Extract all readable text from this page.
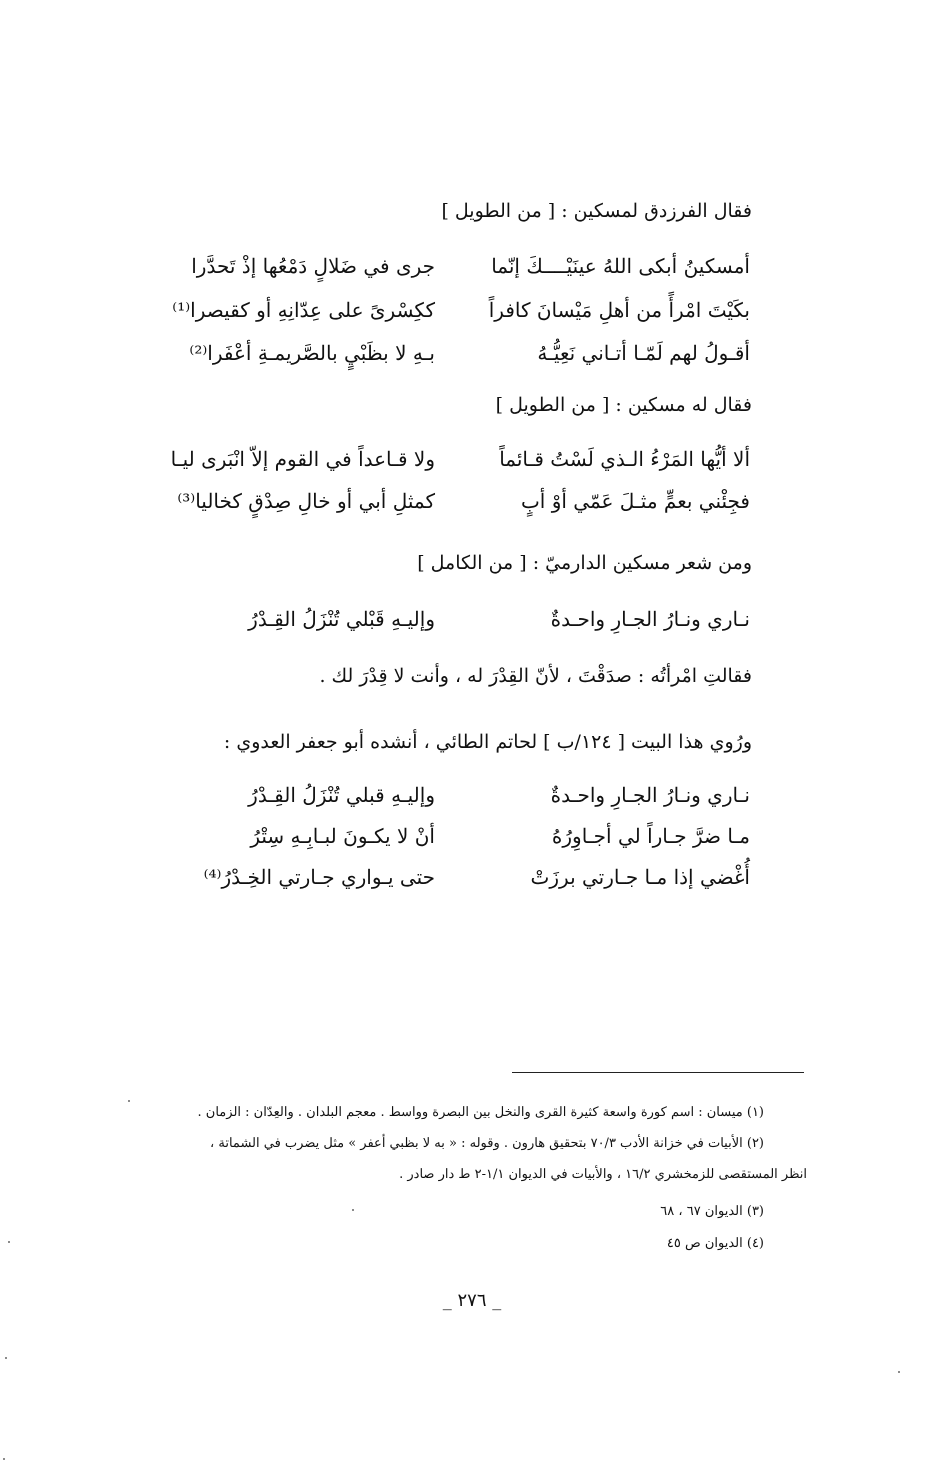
فقال الفرزدق لمسكين : [ من الطويل ]
أمسكينُ أبكى اللهُ عينَيْــــكَ إنّما
جرى في ضَلالٍ دَمْعُها إذْ تَحدَّرا
بكَيْتَ امْرأً من أهلِ مَيْسانَ كافراً
ككِسْرىً على عِدّانِهِ أو كقيصرا⁽¹⁾
أقـولُ لهم لَمّـا أتـاني نَعِيُّـهُ
بـهِ لا بظَبْيٍ بالصَّريمـةِ أعْفَرا⁽²⁾
فقال له مسكين : [ من الطويل ]
ألا أيُّها المَرْءُ الـذي لَسْتُ قـائماً
ولا قـاعداً في القوم إلاّ انْبَرى ليـا
فجِئْني بعمٍّ مثـلَ عَمّي أوْ أبٍ
كمثلِ أبي أو خالِ صِدْقٍ كخاليا⁽³⁾
ومن شعر مسكين الدارميّ : [ من الكامل ]
نـاري ونـارُ الجـارِ واحـدةٌ
وإليـهِ قَبْلي تُنْزَلُ القِـدْرُ
فقالتِ امْرأتُه : صدَقْتَ ، لأنّ القِدْرَ له ، وأنت لا قِدْرَ لك .
ورُوي هذا البيت [ ١٢٤/ب ] لحاتم الطائي ، أنشده أبو جعفر العدوي :
نـاري ونـارُ الجـارِ واحـدةٌ
وإليـهِ قبلي تُنْزَلُ القِـدْرُ
مـا ضرَّ جـاراً لي أجـاوِرُهُ
أنْ لا يكـونَ لبـابِـهِ سِتْرُ
أُغْضي إذا مـا جـارتي برزَتْ
حتى يـواري جـارتي الخِـدْرُ⁽⁴⁾
(١) ميسان : اسم كورة واسعة كثيرة القرى والنخل بين البصرة وواسط . معجم البلدان . والعِدّان : الزمان .
(٢) الأبيات في خزانة الأدب ٧٠/٣ بتحقيق هارون . وقوله : « به لا بظبي أعفر » مثل يضرب في الشماتة ،
انظر المستقصى للزمخشري ١٦/٢ ، والأبيات في الديوان ١/١-٢ ط دار صادر .
(٣) الديوان ٦٧ ، ٦٨
(٤) الديوان ص ٤٥
_ ٢٧٦ _
